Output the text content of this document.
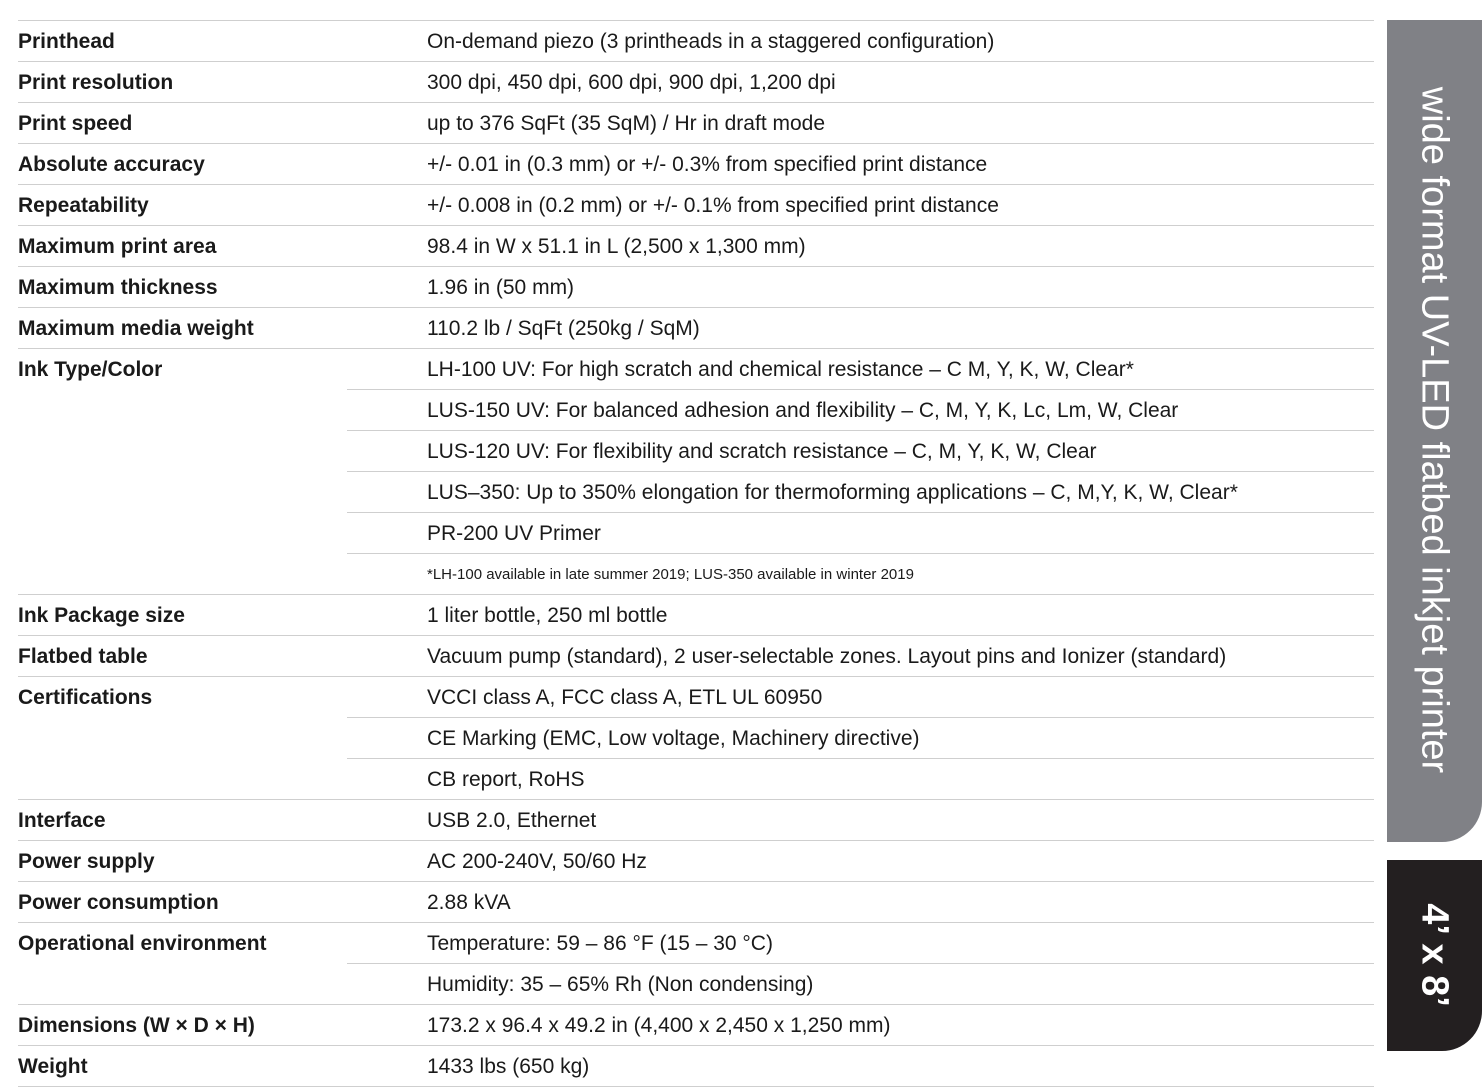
Printhead	On-demand piezo (3 printheads in a staggered configuration)
Print resolution	300 dpi, 450 dpi, 600 dpi, 900 dpi, 1,200 dpi
Print speed	up to 376 SqFt (35 SqM) / Hr in draft mode
Absolute accuracy	+/- 0.01 in (0.3 mm) or +/- 0.3% from specified print distance
Repeatability	+/- 0.008 in (0.2 mm) or +/- 0.1% from specified print distance
Maximum print area	98.4 in W x 51.1 in L (2,500 x 1,300 mm)
Maximum thickness	1.96 in (50 mm)
Maximum media weight	110.2 lb / SqFt (250kg / SqM)
Ink Type/Color	LH-100 UV: For high scratch and chemical resistance – C M, Y, K, W, Clear*
LUS-150 UV: For balanced adhesion and flexibility – C, M, Y, K, Lc, Lm, W, Clear
LUS-120 UV: For flexibility and scratch resistance – C, M, Y, K, W, Clear
LUS–350: Up to 350% elongation for thermoforming applications – C, M,Y, K, W, Clear*
PR-200 UV Primer
*LH-100 available in late summer 2019; LUS-350 available in winter 2019
Ink Package size	1 liter bottle, 250 ml bottle
Flatbed table	Vacuum pump (standard), 2 user-selectable zones. Layout pins and Ionizer (standard)
Certifications	VCCI class A, FCC class A, ETL UL 60950
CE Marking (EMC, Low voltage, Machinery directive)
CB report, RoHS
Interface	USB 2.0, Ethernet
Power supply	AC 200-240V, 50/60 Hz
Power consumption	2.88 kVA
Operational environment	Temperature: 59 – 86 °F (15 – 30 °C)
Humidity: 35 – 65% Rh (Non condensing)
Dimensions (W × D × H)	173.2 x 96.4 x 49.2 in (4,400 x 2,450 x 1,250 mm)
Weight	1433 lbs (650 kg)
wide format UV-LED flatbed inkjet printer
4’ x 8’
